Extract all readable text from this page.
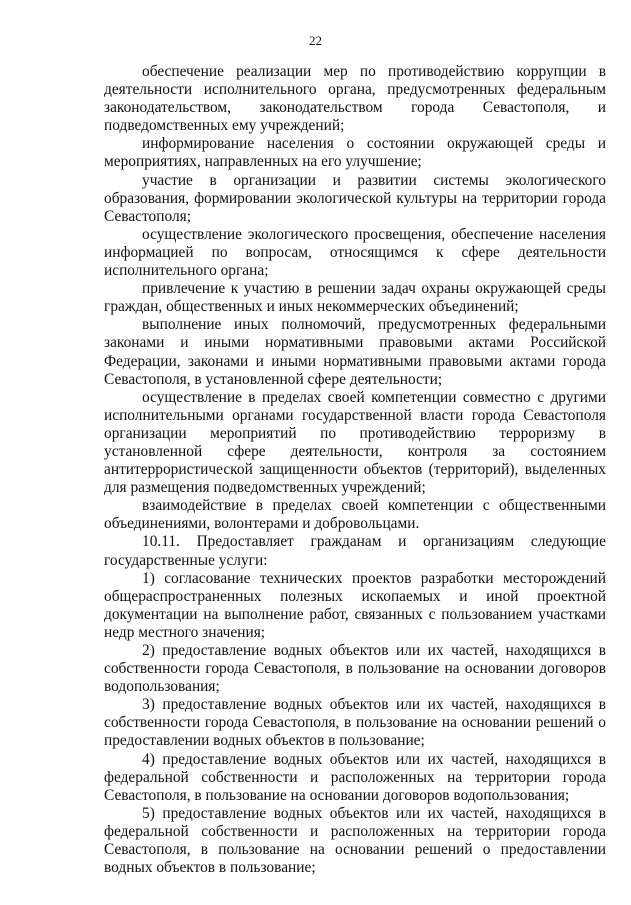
22

обеспечение реализации мер по противодействию коррупции в деятельности исполнительного органа, предусмотренных федеральным законодательством, законодательством города Севастополя, и подведомственных ему учреждений;

информирование населения о состоянии окружающей среды и мероприятиях, направленных на его улучшение;

участие в организации и развитии системы экологического образования, формировании экологической культуры на территории города Севастополя;

осуществление экологического просвещения, обеспечение населения информацией по вопросам, относящимся к сфере деятельности исполнительного органа;

привлечение к участию в решении задач охраны окружающей среды граждан, общественных и иных некоммерческих объединений;

выполнение иных полномочий, предусмотренных федеральными законами и иными нормативными правовыми актами Российской Федерации, законами и иными нормативными правовыми актами города Севастополя, в установленной сфере деятельности;

осуществление в пределах своей компетенции совместно с другими исполнительными органами государственной власти города Севастополя организации мероприятий по противодействию терроризму в установленной сфере деятельности, контроля за состоянием антитеррористической защищенности объектов (территорий), выделенных для размещения подведомственных учреждений;

взаимодействие в пределах своей компетенции с общественными объединениями, волонтерами и добровольцами.

10.11. Предоставляет гражданам и организациям следующие государственные услуги:

1) согласование технических проектов разработки месторождений общераспространенных полезных ископаемых и иной проектной документации на выполнение работ, связанных с пользованием участками недр местного значения;

2) предоставление водных объектов или их частей, находящихся в собственности города Севастополя, в пользование на основании договоров водопользования;

3) предоставление водных объектов или их частей, находящихся в собственности города Севастополя, в пользование на основании решений о предоставлении водных объектов в пользование;

4) предоставление водных объектов или их частей, находящихся в федеральной собственности и расположенных на территории города Севастополя, в пользование на основании договоров водопользования;

5) предоставление водных объектов или их частей, находящихся в федеральной собственности и расположенных на территории города Севастополя, в пользование на основании решений о предоставлении водных объектов в пользование;
